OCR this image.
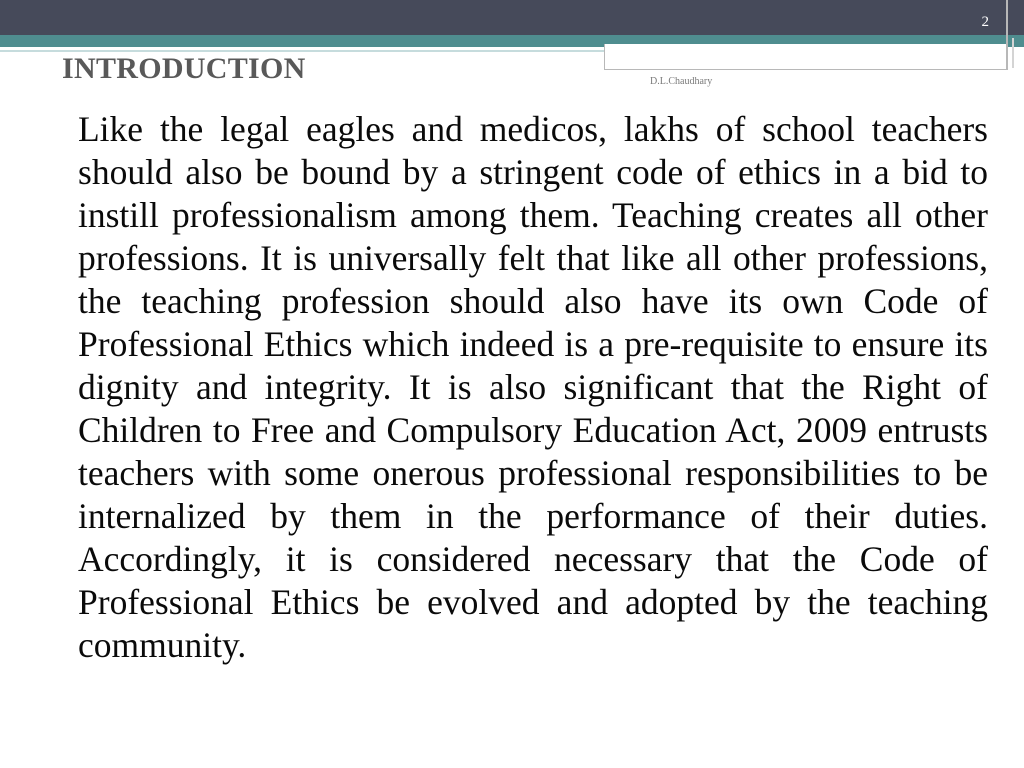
2
INTRODUCTION	D.L.Chaudhary

Like the legal eagles and medicos, lakhs of school teachers should also be bound by a stringent code of ethics in a bid to instill professionalism among them. Teaching creates all other professions. It is universally felt that like all other professions, the teaching profession should also have its own Code of Professional Ethics which indeed is a pre-requisite to ensure its dignity and integrity. It is also significant that the Right of Children to Free and Compulsory Education Act, 2009 entrusts teachers with some onerous professional responsibilities to be internalized by them in the performance of their duties. Accordingly, it is considered necessary that the Code of Professional Ethics be evolved and adopted by the teaching community.
